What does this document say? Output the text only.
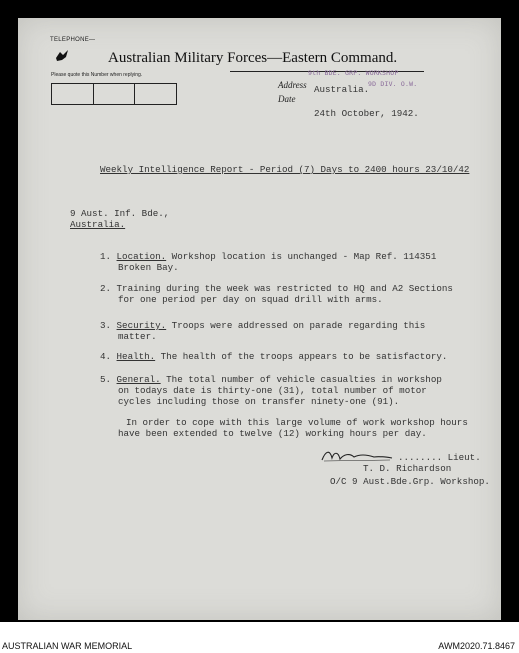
TELEPHONE—
Please quote this Number when replying.
Australian Military Forces—Eastern Command.
9th BDE. GRP. WORKSHOP
9D DIV. O.W.
Address
Date
Australia.
24th October, 1942.
Weekly Intelligence Report - Period (7) Days to 2400 hours 23/10/42
9 Aust. Inf. Bde.,
Australia.
1. Location. Workshop location is unchanged - Map Ref. 114351
Broken Bay.
2. Training during the week was restricted to HQ and A2 Sections
for one period per day on squad drill with arms.
3. Security. Troops were addressed on parade regarding this
matter.
4. Health. The health of the troops appears to be satisfactory.
5. General. The total number of vehicle casualties in workshop
on todays date is thirty-one (31), total number of motor
cycles including those on transfer ninety-one (91).
In order to cope with this large volume of work workshop hours
have been extended to twelve (12) working hours per day.
........ Lieut.
T. D. Richardson
O/C 9 Aust.Bde.Grp. Workshop.
AUSTRALIAN WAR MEMORIAL	AWM2020.71.8467
